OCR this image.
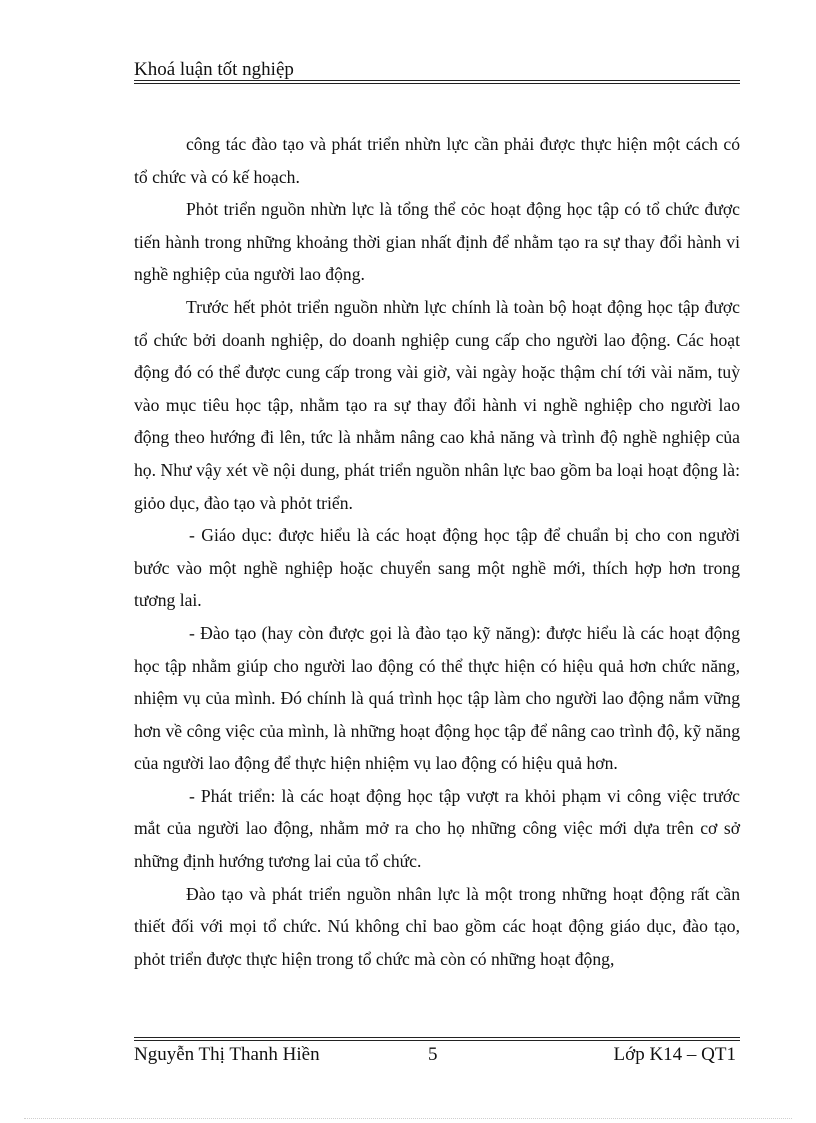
Khoá luận tốt nghiệp

công tác đào tạo và phát triển nhừn lực cần phải được thực hiện một cách có tổ chức và có kế hoạch.

Phỏt triển nguồn nhừn lực là tổng thể cỏc hoạt động học tập có tổ chức được tiến hành trong những khoảng thời gian nhất định để nhằm tạo ra sự thay đổi hành vi nghề nghiệp của người lao động.

Trước hết phỏt triển nguồn nhừn lực chính là toàn bộ hoạt động học tập được tổ chức bởi doanh nghiệp, do doanh nghiệp cung cấp cho người lao động. Các hoạt động đó có thể được cung cấp trong vài giờ, vài ngày hoặc thậm chí tới vài năm, tuỳ vào mục tiêu học tập, nhằm tạo ra sự thay đổi hành vi nghề nghiệp cho người lao động theo hướng đi lên, tức là nhằm nâng cao khả năng và trình độ nghề nghiệp của họ. Như vậy xét về nội dung, phát triển nguồn nhân lực bao gồm ba loại hoạt động là: giỏo dục, đào tạo và phỏt triển.

- Giáo dục: được hiểu là các hoạt động học tập để chuẩn bị cho con người bước vào một nghề nghiệp hoặc chuyển sang một nghề mới, thích hợp hơn trong tương lai.

- Đào tạo (hay còn được gọi là đào tạo kỹ năng): được hiểu là các hoạt động học tập nhằm giúp cho người lao động có thể thực hiện có hiệu quả hơn chức năng, nhiệm vụ của mình. Đó chính là quá trình học tập làm cho người lao động nắm vững hơn về công việc của mình, là những hoạt động học tập để nâng cao trình độ, kỹ năng của người lao động để thực hiện nhiệm vụ lao động có hiệu quả hơn.

- Phát triển: là các hoạt động học tập vượt ra khỏi phạm vi công việc trước mắt của người lao động, nhằm mở ra cho họ những công việc mới dựa trên cơ sở những định hướng tương lai của tổ chức.

Đào tạo và phát triển nguồn nhân lực là một trong những hoạt động rất cần thiết đối với mọi tổ chức. Nú không chỉ bao gồm các hoạt động giáo dục, đào tạo, phỏt triển được thực hiện trong tổ chức mà còn có những hoạt động,

Nguyễn Thị Thanh Hiền	5	Lớp K14 – QT1
